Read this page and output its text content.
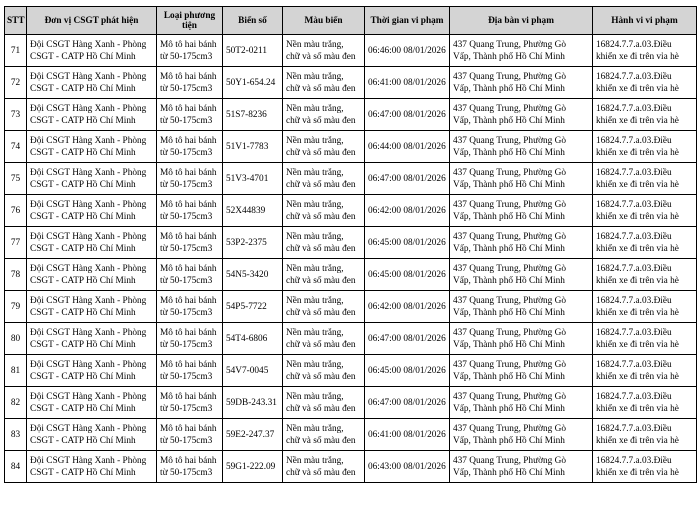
STT	Đơn vị CSGT phát hiện	Loại phương tiện	Biển số	Màu biển	Thời gian vi phạm	Địa bàn vi phạm	Hành vi vi phạm

71	Đội CSGT Hàng Xanh - Phòng
CSGT - CATP Hồ Chí Minh	Mô tô hai bánh
từ 50-175cm3	50T2-0211	Nền màu trắng,
chữ và số màu đen	06:46:00 08/01/2026	437 Quang Trung, Phường Gò
Vấp, Thành phố Hồ Chí Minh	16824.7.7.a.03.Điều
khiển xe đi trên vỉa hè

72	Đội CSGT Hàng Xanh - Phòng
CSGT - CATP Hồ Chí Minh	Mô tô hai bánh
từ 50-175cm3	50Y1-654.24	Nền màu trắng,
chữ và số màu đen	06:41:00 08/01/2026	437 Quang Trung, Phường Gò
Vấp, Thành phố Hồ Chí Minh	16824.7.7.a.03.Điều
khiển xe đi trên vỉa hè

73	Đội CSGT Hàng Xanh - Phòng
CSGT - CATP Hồ Chí Minh	Mô tô hai bánh
từ 50-175cm3	51S7-8236	Nền màu trắng,
chữ và số màu đen	06:47:00 08/01/2026	437 Quang Trung, Phường Gò
Vấp, Thành phố Hồ Chí Minh	16824.7.7.a.03.Điều
khiển xe đi trên vỉa hè

74	Đội CSGT Hàng Xanh - Phòng
CSGT - CATP Hồ Chí Minh	Mô tô hai bánh
từ 50-175cm3	51V1-7783	Nền màu trắng,
chữ và số màu đen	06:44:00 08/01/2026	437 Quang Trung, Phường Gò
Vấp, Thành phố Hồ Chí Minh	16824.7.7.a.03.Điều
khiển xe đi trên vỉa hè

75	Đội CSGT Hàng Xanh - Phòng
CSGT - CATP Hồ Chí Minh	Mô tô hai bánh
từ 50-175cm3	51V3-4701	Nền màu trắng,
chữ và số màu đen	06:47:00 08/01/2026	437 Quang Trung, Phường Gò
Vấp, Thành phố Hồ Chí Minh	16824.7.7.a.03.Điều
khiển xe đi trên vỉa hè

76	Đội CSGT Hàng Xanh - Phòng
CSGT - CATP Hồ Chí Minh	Mô tô hai bánh
từ 50-175cm3	52X44839	Nền màu trắng,
chữ và số màu đen	06:42:00 08/01/2026	437 Quang Trung, Phường Gò
Vấp, Thành phố Hồ Chí Minh	16824.7.7.a.03.Điều
khiển xe đi trên vỉa hè

77	Đội CSGT Hàng Xanh - Phòng
CSGT - CATP Hồ Chí Minh	Mô tô hai bánh
từ 50-175cm3	53P2-2375	Nền màu trắng,
chữ và số màu đen	06:45:00 08/01/2026	437 Quang Trung, Phường Gò
Vấp, Thành phố Hồ Chí Minh	16824.7.7.a.03.Điều
khiển xe đi trên vỉa hè

78	Đội CSGT Hàng Xanh - Phòng
CSGT - CATP Hồ Chí Minh	Mô tô hai bánh
từ 50-175cm3	54N5-3420	Nền màu trắng,
chữ và số màu đen	06:45:00 08/01/2026	437 Quang Trung, Phường Gò
Vấp, Thành phố Hồ Chí Minh	16824.7.7.a.03.Điều
khiển xe đi trên vỉa hè

79	Đội CSGT Hàng Xanh - Phòng
CSGT - CATP Hồ Chí Minh	Mô tô hai bánh
từ 50-175cm3	54P5-7722	Nền màu trắng,
chữ và số màu đen	06:42:00 08/01/2026	437 Quang Trung, Phường Gò
Vấp, Thành phố Hồ Chí Minh	16824.7.7.a.03.Điều
khiển xe đi trên vỉa hè

80	Đội CSGT Hàng Xanh - Phòng
CSGT - CATP Hồ Chí Minh	Mô tô hai bánh
từ 50-175cm3	54T4-6806	Nền màu trắng,
chữ và số màu đen	06:47:00 08/01/2026	437 Quang Trung, Phường Gò
Vấp, Thành phố Hồ Chí Minh	16824.7.7.a.03.Điều
khiển xe đi trên vỉa hè

81	Đội CSGT Hàng Xanh - Phòng
CSGT - CATP Hồ Chí Minh	Mô tô hai bánh
từ 50-175cm3	54V7-0045	Nền màu trắng,
chữ và số màu đen	06:45:00 08/01/2026	437 Quang Trung, Phường Gò
Vấp, Thành phố Hồ Chí Minh	16824.7.7.a.03.Điều
khiển xe đi trên vỉa hè

82	Đội CSGT Hàng Xanh - Phòng
CSGT - CATP Hồ Chí Minh	Mô tô hai bánh
từ 50-175cm3	59DB-243.31	Nền màu trắng,
chữ và số màu đen	06:47:00 08/01/2026	437 Quang Trung, Phường Gò
Vấp, Thành phố Hồ Chí Minh	16824.7.7.a.03.Điều
khiển xe đi trên vỉa hè

83	Đội CSGT Hàng Xanh - Phòng
CSGT - CATP Hồ Chí Minh	Mô tô hai bánh
từ 50-175cm3	59E2-247.37	Nền màu trắng,
chữ và số màu đen	06:41:00 08/01/2026	437 Quang Trung, Phường Gò
Vấp, Thành phố Hồ Chí Minh	16824.7.7.a.03.Điều
khiển xe đi trên vỉa hè

84	Đội CSGT Hàng Xanh - Phòng
CSGT - CATP Hồ Chí Minh	Mô tô hai bánh
từ 50-175cm3	59G1-222.09	Nền màu trắng,
chữ và số màu đen	06:43:00 08/01/2026	437 Quang Trung, Phường Gò
Vấp, Thành phố Hồ Chí Minh	16824.7.7.a.03.Điều
khiển xe đi trên vỉa hè
